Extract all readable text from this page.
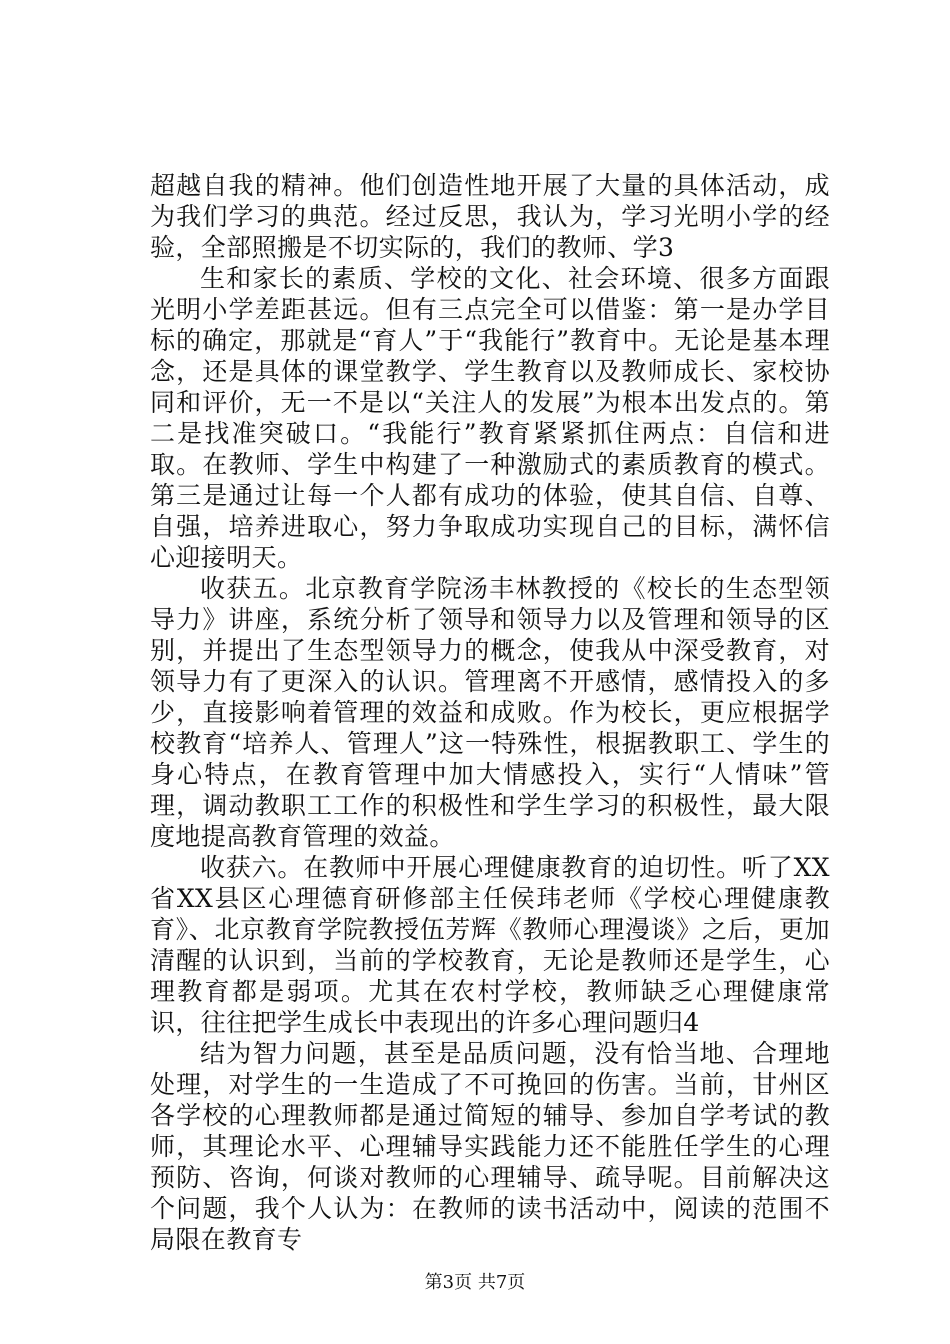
超越自我的精神。他们创造性地开展了大量的具体活动，成为我们学习的典范。经过反思，我认为，学习光明小学的经验，全部照搬是不切实际的，我们的教师、学3

生和家长的素质、学校的文化、社会环境、很多方面跟光明小学差距甚远。但有三点完全可以借鉴：第一是办学目标的确定，那就是“育人”于“我能行”教育中。无论是基本理念，还是具体的课堂教学、学生教育以及教师成长、家校协同和评价，无一不是以“关注人的发展”为根本出发点的。第二是找准突破口。“我能行”教育紧紧抓住两点：自信和进取。在教师、学生中构建了一种激励式的素质教育的模式。第三是通过让每一个人都有成功的体验，使其自信、自尊、自强，培养进取心，努力争取成功实现自己的目标，满怀信心迎接明天。

收获五。北京教育学院汤丰林教授的《校长的生态型领导力》讲座，系统分析了领导和领导力以及管理和领导的区别，并提出了生态型领导力的概念，使我从中深受教育，对领导力有了更深入的认识。管理离不开感情，感情投入的多少，直接影响着管理的效益和成败。作为校长，更应根据学校教育“培养人、管理人”这一特殊性，根据教职工、学生的身心特点，在教育管理中加大情感投入，实行“人情味”管理，调动教职工工作的积极性和学生学习的积极性，最大限度地提高教育管理的效益。

收获六。在教师中开展心理健康教育的迫切性。听了XX省XX县区心理德育研修部主任侯玮老师《学校心理健康教育》、北京教育学院教授伍芳辉《教师心理漫谈》之后，更加清醒的认识到，当前的学校教育，无论是教师还是学生，心理教育都是弱项。尤其在农村学校，教师缺乏心理健康常识，往往把学生成长中表现出的许多心理问题归4

结为智力问题，甚至是品质问题，没有恰当地、合理地处理，对学生的一生造成了不可挽回的伤害。当前，甘州区各学校的心理教师都是通过简短的辅导、参加自学考试的教师，其理论水平、心理辅导实践能力还不能胜任学生的心理预防、咨询，何谈对教师的心理辅导、疏导呢。目前解决这个问题，我个人认为：在教师的读书活动中，阅读的范围不局限在教育专

第3页 共7页
